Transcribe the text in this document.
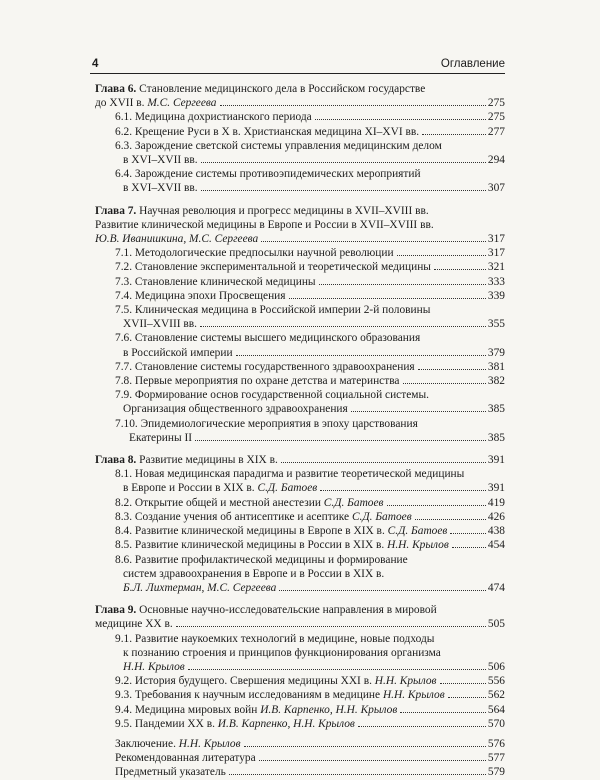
4	Оглавление
Глава 6. Становление медицинского дела в Российском государстве
до XVII в. М.С. Сергеева	275
6.1. Медицина дохристианского периода	275
6.2. Крещение Руси в X в. Христианская медицина XI–XVI вв.	277
6.3. Зарождение светской системы управления медицинским делом
в XVI–XVII вв.	294
6.4. Зарождение системы противоэпидемических мероприятий
в XVI–XVII вв.	307
Глава 7. Научная революция и прогресс медицины в XVII–XVIII вв.
Развитие клинической медицины в Европе и России в XVII–XVIII вв.
Ю.В. Иванишкина, М.С. Сергеева	317
7.1. Методологические предпосылки научной революции	317
7.2. Становление экспериментальной и теоретической медицины	321
7.3. Становление клинической медицины	333
7.4. Медицина эпохи Просвещения	339
7.5. Клиническая медицина в Российской империи 2-й половины
XVII–XVIII вв.	355
7.6. Становление системы высшего медицинского образования
в Российской империи	379
7.7. Становление системы государственного здравоохранения	381
7.8. Первые мероприятия по охране детства и материнства	382
7.9. Формирование основ государственной социальной системы.
Организация общественного здравоохранения	385
7.10. Эпидемиологические мероприятия в эпоху царствования
Екатерины II	385
Глава 8. Развитие медицины в XIX в.	391
8.1. Новая медицинская парадигма и развитие теоретической медицины
в Европе и России в XIX в. С.Д. Батоев	391
8.2. Открытие общей и местной анестезии С.Д. Батоев	419
8.3. Создание учения об антисептике и асептике С.Д. Батоев	426
8.4. Развитие клинической медицины в Европе в XIX в. С.Д. Батоев	438
8.5. Развитие клинической медицины в России в XIX в. Н.Н. Крылов	454
8.6. Развитие профилактической медицины и формирование
систем здравоохранения в Европе и в России в XIX в.
Б.Л. Лихтерман, М.С. Сергеева	474
Глава 9. Основные научно-исследовательские направления в мировой
медицине XX в.	505
9.1. Развитие наукоемких технологий в медицине, новые подходы
к познанию строения и принципов функционирования организма
Н.Н. Крылов	506
9.2. История будущего. Свершения медицины XXI в. Н.Н. Крылов	556
9.3. Требования к научным исследованиям в медицине Н.Н. Крылов	562
9.4. Медицина мировых войн И.В. Карпенко, Н.Н. Крылов	564
9.5. Пандемии XX в. И.В. Карпенко, Н.Н. Крылов	570
Заключение. Н.Н. Крылов	576
Рекомендованная литература	577
Предметный указатель	579
